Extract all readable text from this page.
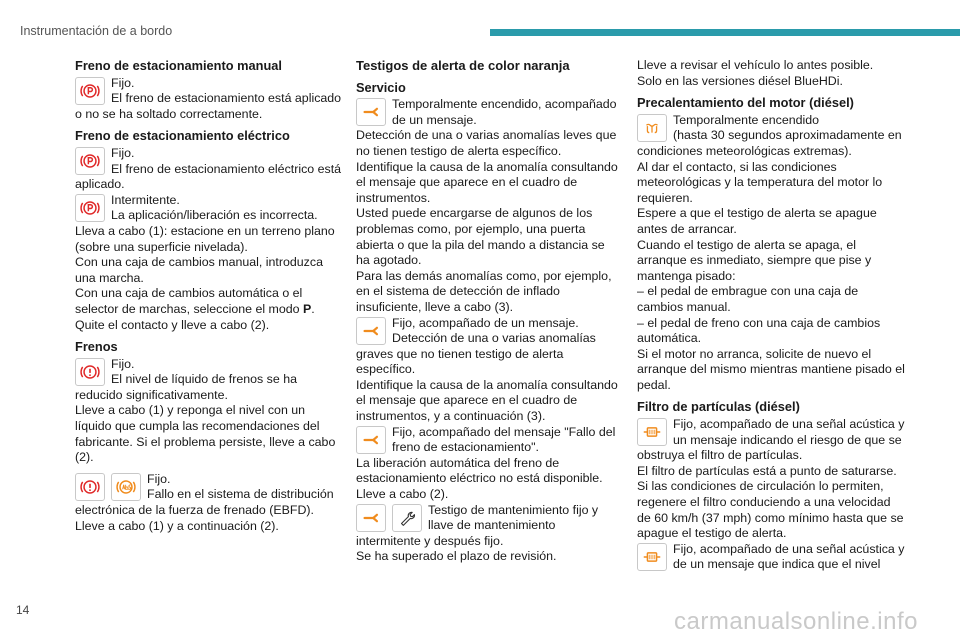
Instrumentación de a bordo
Freno de estacionamiento manual

Fijo.

El freno de estacionamiento está aplicado o no se ha soltado correctamente.

Freno de estacionamiento eléctrico

Fijo.

El freno de estacionamiento eléctrico está aplicado.

Intermitente.

La aplicación/liberación es incorrecta.

Lleva a cabo (1): estacione en un terreno plano (sobre una superficie nivelada).

Con una caja de cambios manual, introduzca una marcha.

Con una caja de cambios automática o el selector de marchas, seleccione el modo P.

Quite el contacto y lleve a cabo (2).

Frenos

Fijo.

El nivel de líquido de frenos se ha reducido significativamente.

Lleve a cabo (1) y reponga el nivel con un líquido que cumpla las recomendaciones del fabricante. Si el problema persiste, lleve a cabo (2).

Fijo.

Fallo en el sistema de distribución electrónica de la fuerza de frenado (EBFD).

Lleve a cabo (1) y a continuación (2).

Testigos de alerta de color naranja
Servicio

Temporalmente encendido, acompañado de un mensaje.

Detección de una o varias anomalías leves que no tienen testigo de alerta específico.

Identifique la causa de la anomalía consultando el mensaje que aparece en el cuadro de instrumentos.

Usted puede encargarse de algunos de los problemas como, por ejemplo, una puerta abierta o que la pila del mando a distancia se ha agotado.

Para las demás anomalías como, por ejemplo, en el sistema de detección de inflado insuficiente, lleve a cabo (3).

Fijo, acompañado de un mensaje.

Detección de una o varias anomalías graves que no tienen testigo de alerta específico.

Identifique la causa de la anomalía consultando el mensaje que aparece en el cuadro de instrumentos, y a continuación (3).

Fijo, acompañado del mensaje "Fallo del freno de estacionamiento".

La liberación automática del freno de estacionamiento eléctrico no está disponible.

Lleve a cabo (2).

Testigo de mantenimiento fijo y llave de mantenimiento intermitente y después fijo.

Se ha superado el plazo de revisión.

Lleve a revisar el vehículo lo antes posible.

Solo en las versiones diésel BlueHDi.

Precalentamiento del motor (diésel)

Temporalmente encendido

(hasta 30 segundos aproximadamente en condiciones meteorológicas extremas).

Al dar el contacto, si las condiciones meteorológicas y la temperatura del motor lo requieren.

Espere a que el testigo de alerta se apague antes de arrancar.

Cuando el testigo de alerta se apaga, el arranque es inmediato, siempre que pise y mantenga pisado:

– el pedal de embrague con una caja de cambios manual.

– el pedal de freno con una caja de cambios automática.

Si el motor no arranca, solicite de nuevo el arranque del mismo mientras mantiene pisado el pedal.

Filtro de partículas (diésel)

Fijo, acompañado de una señal acústica y un mensaje indicando el riesgo de que se obstruya el filtro de partículas.

El filtro de partículas está a punto de saturarse. Si las condiciones de circulación lo permiten, regenere el filtro conduciendo a una velocidad de 60 km/h (37 mph) como mínimo hasta que se apague el testigo de alerta.

Fijo, acompañado de una señal acústica y de un mensaje que indica que el nivel

14	carmanualsonline.info
